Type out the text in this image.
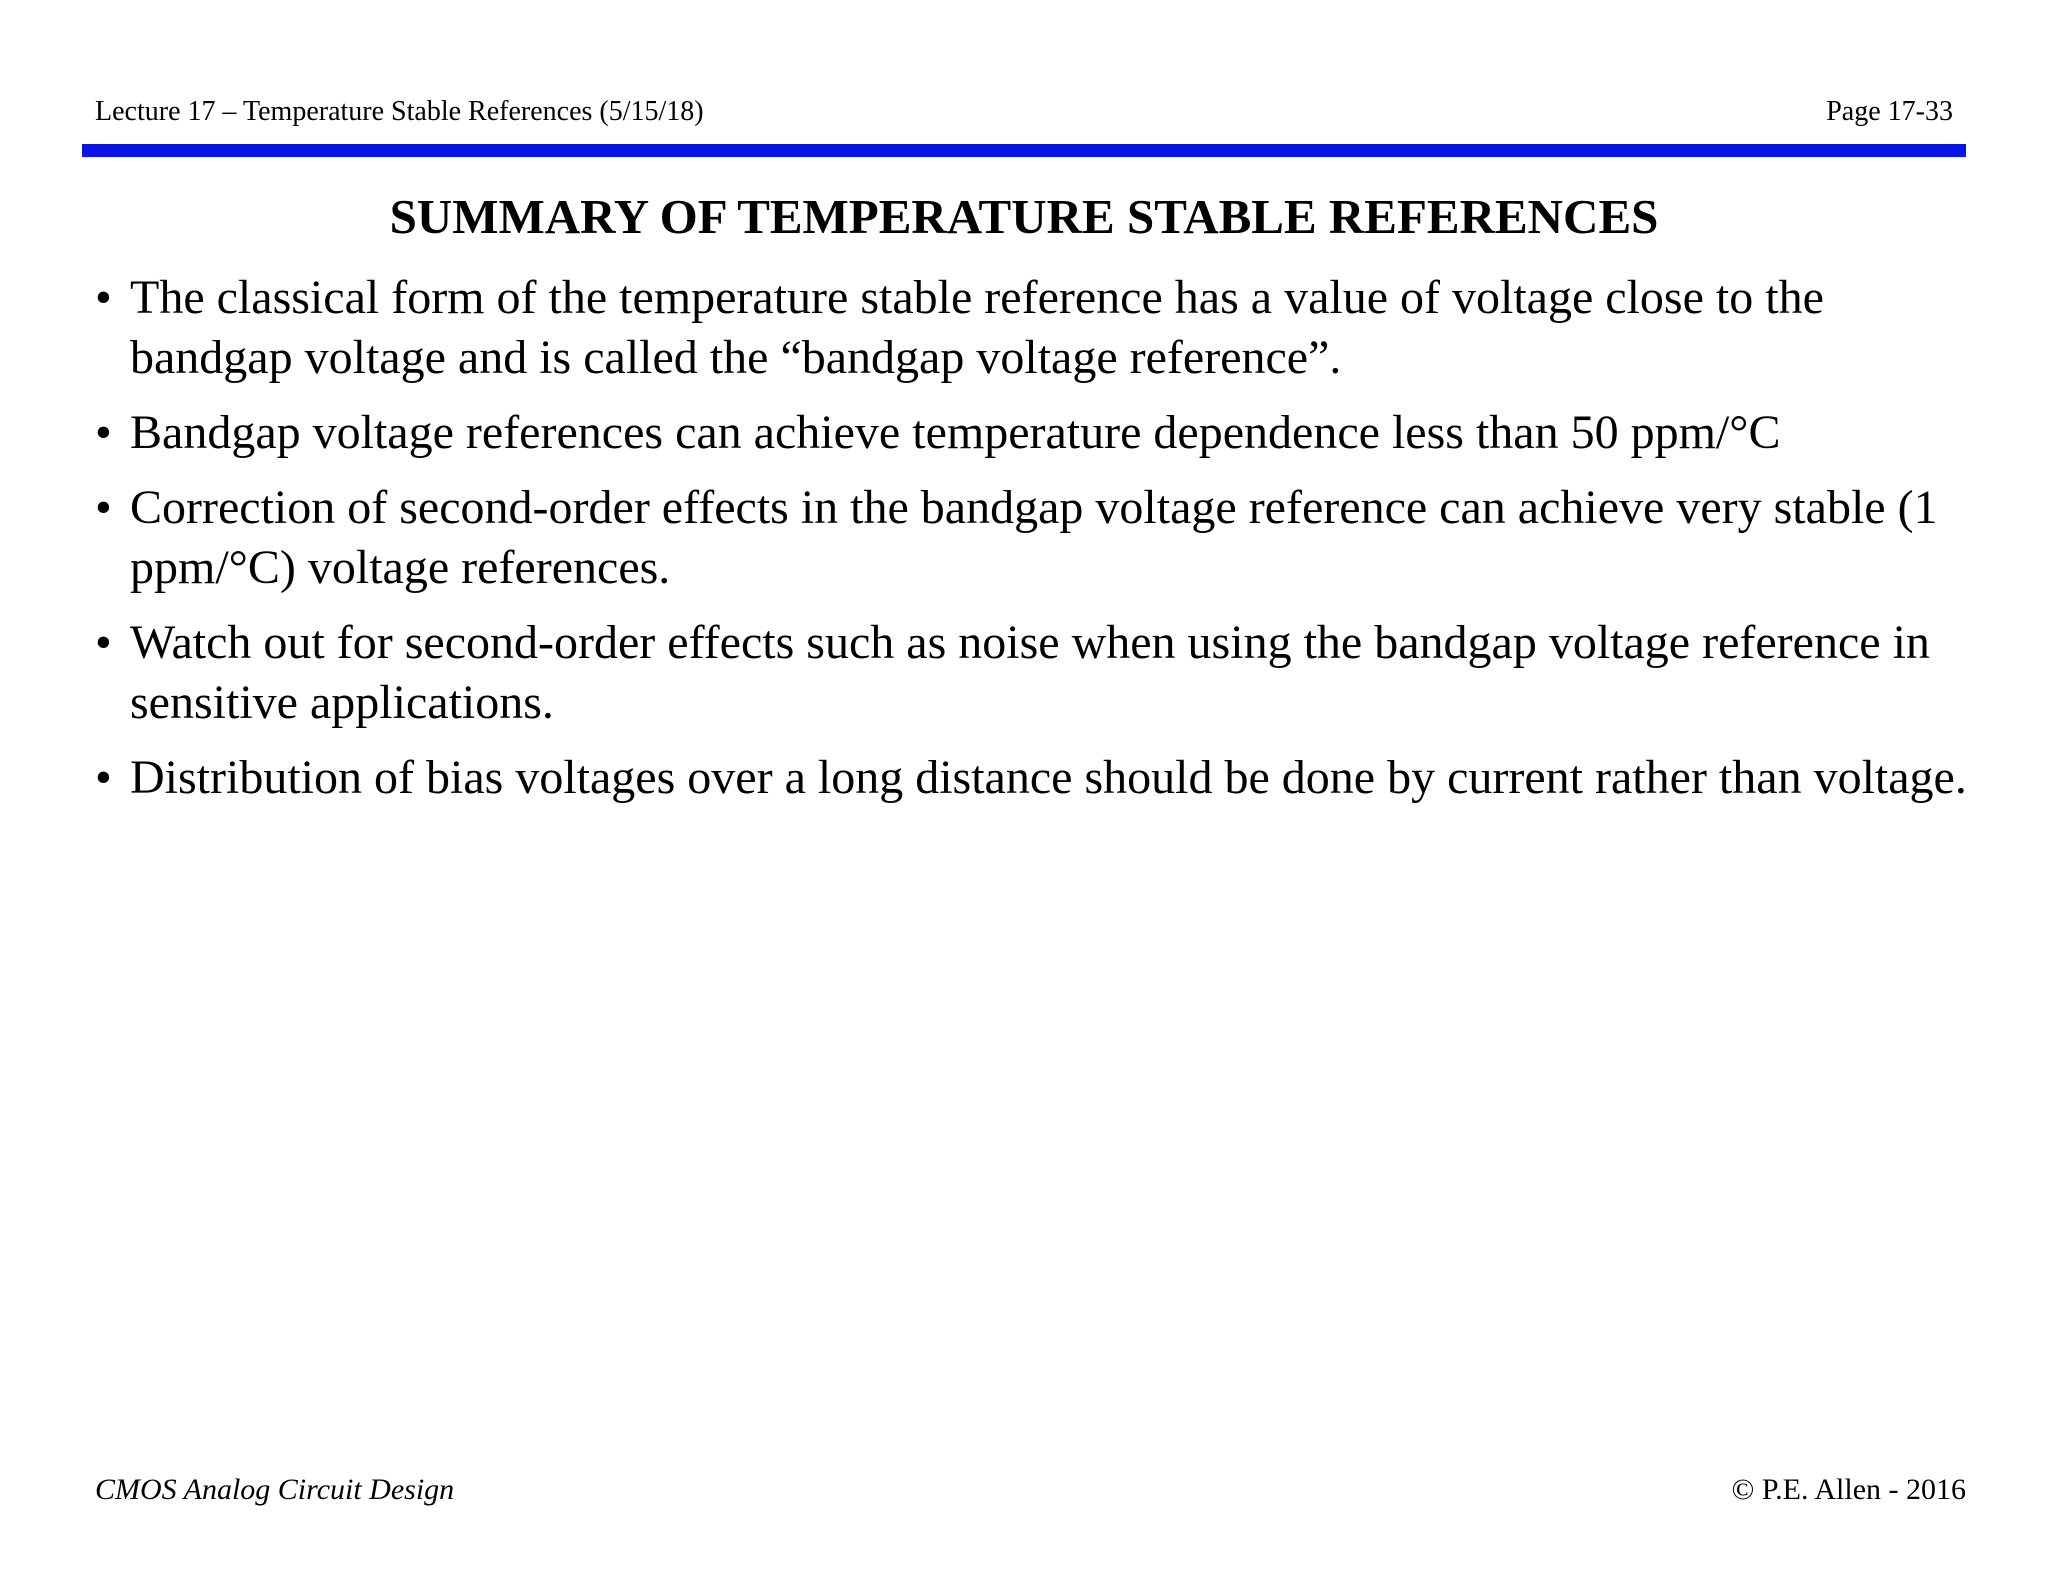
Lecture 17 – Temperature Stable References (5/15/18)	Page 17-33
SUMMARY OF TEMPERATURE STABLE REFERENCES
• The classical form of the temperature stable reference has a value of voltage close to the bandgap voltage and is called the “bandgap voltage reference”.
• Bandgap voltage references can achieve temperature dependence less than 50 ppm/°C
• Correction of second-order effects in the bandgap voltage reference can achieve very stable (1 ppm/°C) voltage references.
• Watch out for second-order effects such as noise when using the bandgap voltage reference in sensitive applications.
• Distribution of bias voltages over a long distance should be done by current rather than voltage.
CMOS Analog Circuit Design	© P.E. Allen - 2016
